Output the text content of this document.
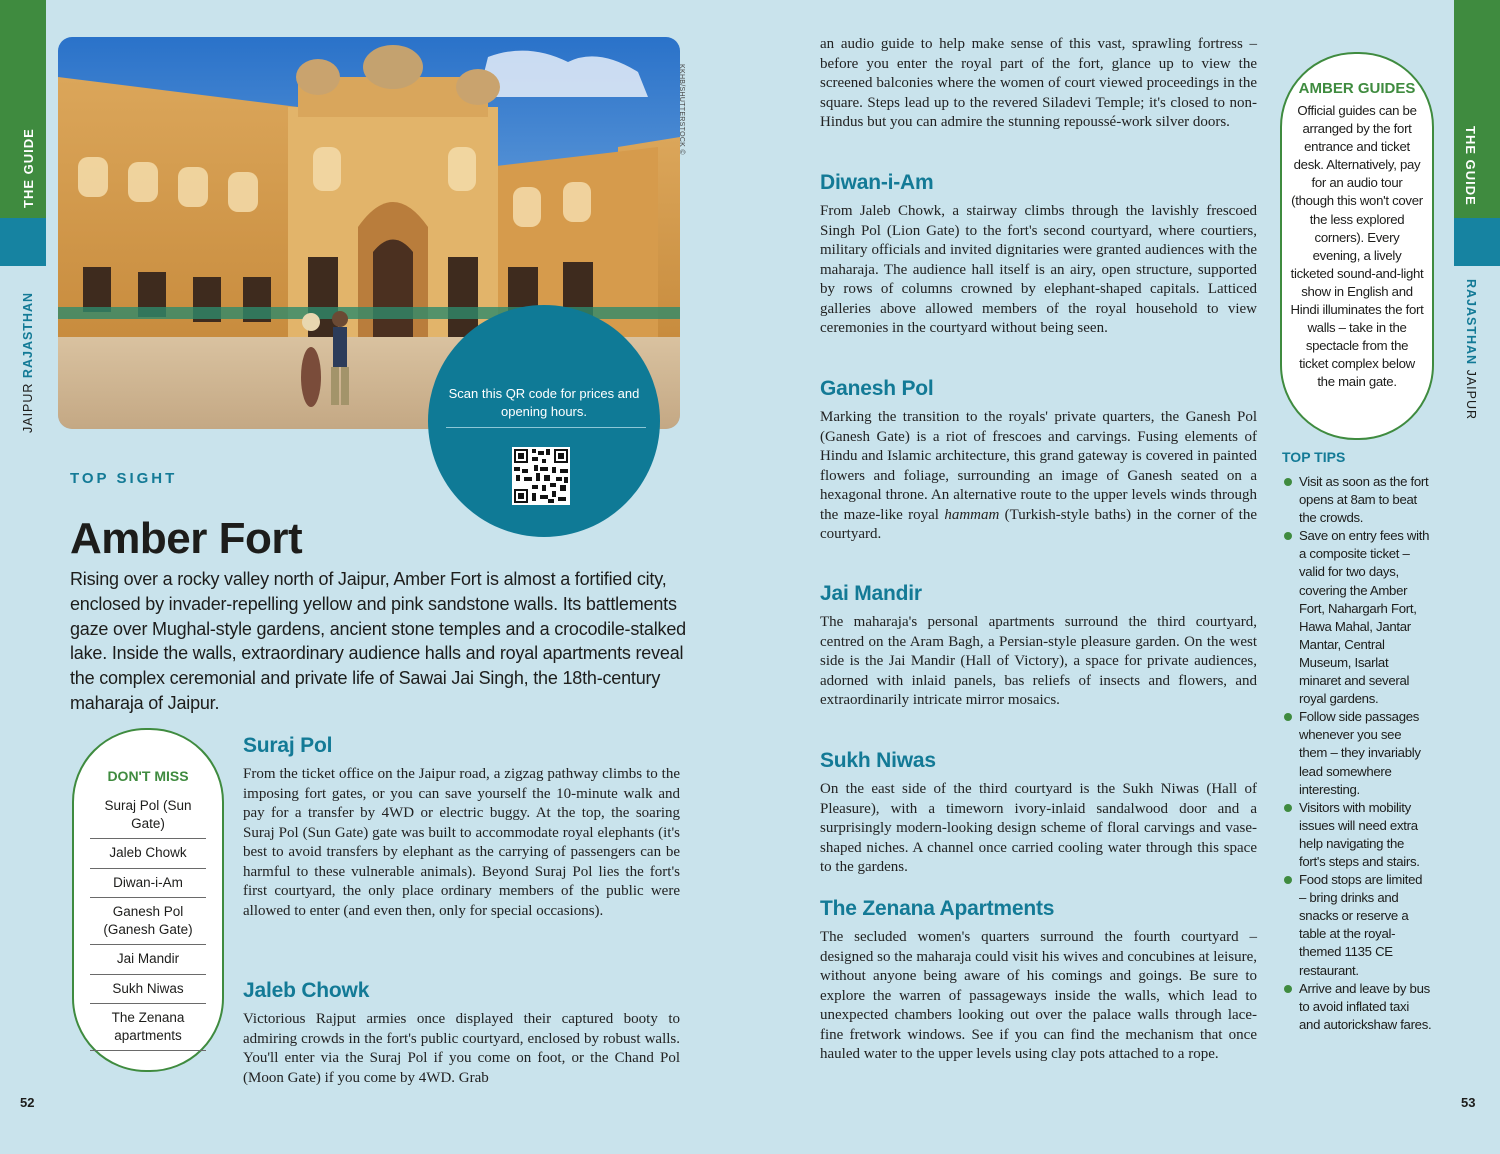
THE GUIDE
JAIPUR RAJASTHAN
52
THE GUIDE
RAJASTHAN JAIPUR
53
KKHB/SHUTTERSTOCK ©
Scan this QR code for prices and opening hours.
TOP SIGHT
Amber Fort
Rising over a rocky valley north of Jaipur, Amber Fort is almost a fortified city, enclosed by invader-repelling yellow and pink sandstone walls. Its battlements gaze over Mughal-style gardens, ancient stone temples and a crocodile-stalked lake. Inside the walls, extraordinary audience halls and royal apartments reveal the complex ceremonial and private life of Sawai Jai Singh, the 18th-century maharaja of Jaipur.
DON'T MISS
Suraj Pol (Sun Gate)
Jaleb Chowk
Diwan-i-Am
Ganesh Pol (Ganesh Gate)
Jai Mandir
Sukh Niwas
The Zenana apartments
Suraj Pol
From the ticket office on the Jaipur road, a zigzag pathway climbs to the imposing fort gates, or you can save yourself the 10-minute walk and pay for a transfer by 4WD or electric buggy. At the top, the soaring Suraj Pol (Sun Gate) gate was built to accommodate royal elephants (it's best to avoid transfers by elephant as the carrying of passengers can be harmful to these vulnerable animals). Beyond Suraj Pol lies the fort's first courtyard, the only place ordinary members of the public were allowed to enter (and even then, only for special occasions).
Jaleb Chowk
Victorious Rajput armies once displayed their captured booty to admiring crowds in the fort's public courtyard, enclosed by robust walls. You'll enter via the Suraj Pol if you come on foot, or the Chand Pol (Moon Gate) if you come by 4WD. Grab
an audio guide to help make sense of this vast, sprawling fortress – before you enter the royal part of the fort, glance up to view the screened balconies where the women of court viewed proceedings in the square. Steps lead up to the revered Siladevi Temple; it's closed to non-Hindus but you can admire the stunning repoussé-work silver doors.
Diwan-i-Am
From Jaleb Chowk, a stairway climbs through the lavishly frescoed Singh Pol (Lion Gate) to the fort's second courtyard, where courtiers, military officials and invited dignitaries were granted audiences with the maharaja. The audience hall itself is an airy, open structure, supported by rows of columns crowned by elephant-shaped capitals. Latticed galleries above allowed members of the royal household to view ceremonies in the courtyard without being seen.
Ganesh Pol
Marking the transition to the royals' private quarters, the Ganesh Pol (Ganesh Gate) is a riot of frescoes and carvings. Fusing elements of Hindu and Islamic architecture, this grand gateway is covered in painted flowers and foliage, surrounding an image of Ganesh seated on a hexagonal throne. An alternative route to the upper levels winds through the maze-like royal hammam (Turkish-style baths) in the corner of the courtyard.
Jai Mandir
The maharaja's personal apartments surround the third courtyard, centred on the Aram Bagh, a Persian-style pleasure garden. On the west side is the Jai Mandir (Hall of Victory), a space for private audiences, adorned with inlaid panels, bas reliefs of insects and flowers, and extraordinarily intricate mirror mosaics.
Sukh Niwas
On the east side of the third courtyard is the Sukh Niwas (Hall of Pleasure), with a timeworn ivory-inlaid sandalwood door and a surprisingly modern-looking design scheme of floral carvings and vase-shaped niches. A channel once carried cooling water through this space to the gardens.
The Zenana Apartments
The secluded women's quarters surround the fourth courtyard – designed so the maharaja could visit his wives and concubines at leisure, without anyone being aware of his comings and goings. Be sure to explore the warren of passageways inside the walls, which lead to unexpected chambers looking out over the palace walls through lace-fine fretwork windows. See if you can find the mechanism that once hauled water to the upper levels using clay pots attached to a rope.
AMBER GUIDES
Official guides can be arranged by the fort entrance and ticket desk. Alternatively, pay for an audio tour (though this won't cover the less explored corners). Every evening, a lively ticketed sound-and-light show in English and Hindi illuminates the fort walls – take in the spectacle from the ticket complex below the main gate.
TOP TIPS
Visit as soon as the fort opens at 8am to beat the crowds.
Save on entry fees with a composite ticket – valid for two days, covering the Amber Fort, Nahargarh Fort, Hawa Mahal, Jantar Mantar, Central Museum, Isarlat minaret and several royal gardens.
Follow side passages whenever you see them – they invariably lead somewhere interesting.
Visitors with mobility issues will need extra help navigating the fort's steps and stairs.
Food stops are limited – bring drinks and snacks or reserve a table at the royal-themed 1135 CE restaurant.
Arrive and leave by bus to avoid inflated taxi and autorickshaw fares.
